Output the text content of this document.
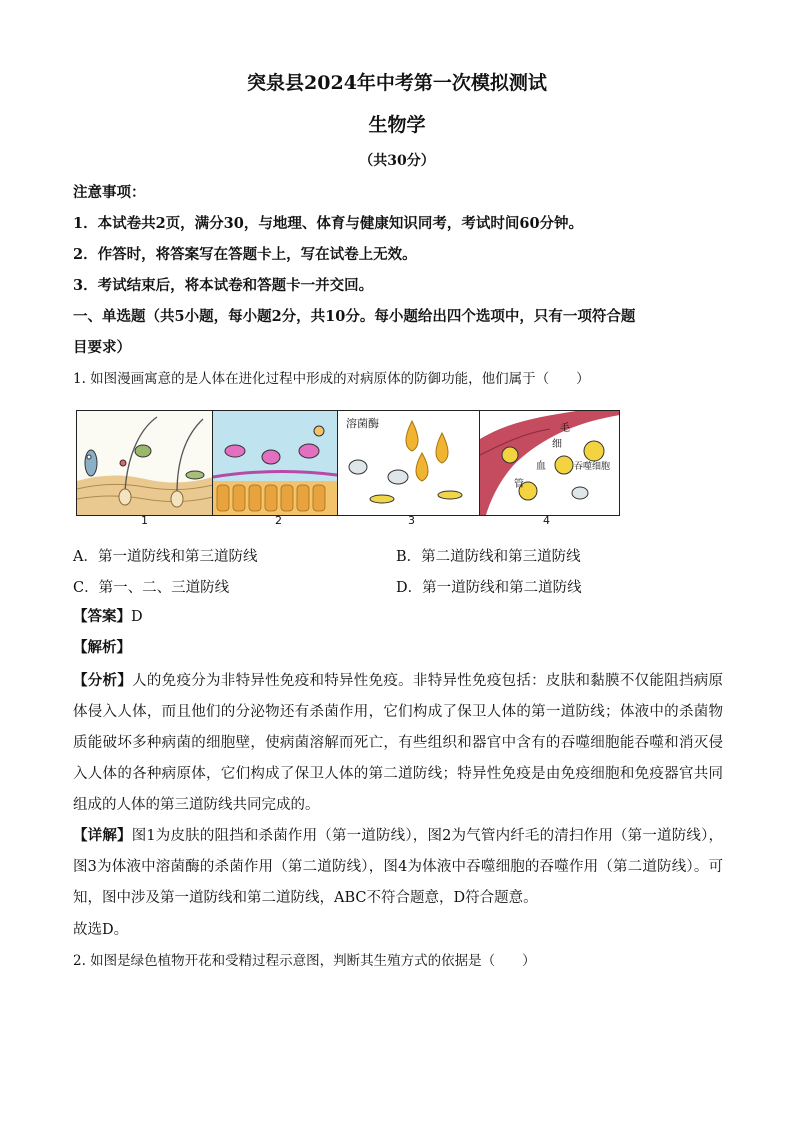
突泉县2024年中考第一次模拟测试
生物学
（共30分）
注意事项：
1．本试卷共2页，满分30，与地理、体育与健康知识同考，考试时间60分钟。
2．作答时，将答案写在答题卡上，写在试卷上无效。
3．考试结束后，将本试卷和答题卡一并交回。
一、单选题（共5小题，每小题2分，共10分。每小题给出四个选项中，只有一项符合题
目要求）
1. 如图漫画寓意的是人体在进化过程中形成的对病原体的防御功能，他们属于（　　）
溶菌酶	毛
细
血
管
吞噬细胞
1	2	3	4
A．第一道防线和第三道防线	B．第二道防线和第三道防线
C．第一、二、三道防线	D．第一道防线和第二道防线
【答案】D
【解析】
【分析】人的免疫分为非特异性免疫和特异性免疫。非特异性免疫包括：皮肤和黏膜不仅能阻挡病原体侵入人体，而且他们的分泌物还有杀菌作用，它们构成了保卫人体的第一道防线；体液中的杀菌物质能破坏多种病菌的细胞壁，使病菌溶解而死亡，有些组织和器官中含有的吞噬细胞能吞噬和消灭侵入人体的各种病原体，它们构成了保卫人体的第二道防线；特异性免疫是由免疫细胞和免疫器官共同组成的人体的第三道防线共同完成的。
【详解】图1为皮肤的阻挡和杀菌作用（第一道防线），图2为气管内纤毛的清扫作用（第一道防线），图3为体液中溶菌酶的杀菌作用（第二道防线），图4为体液中吞噬细胞的吞噬作用（第二道防线）。可知，图中涉及第一道防线和第二道防线，ABC不符合题意，D符合题意。
故选D。
2. 如图是绿色植物开花和受精过程示意图，判断其生殖方式的依据是（　　）
